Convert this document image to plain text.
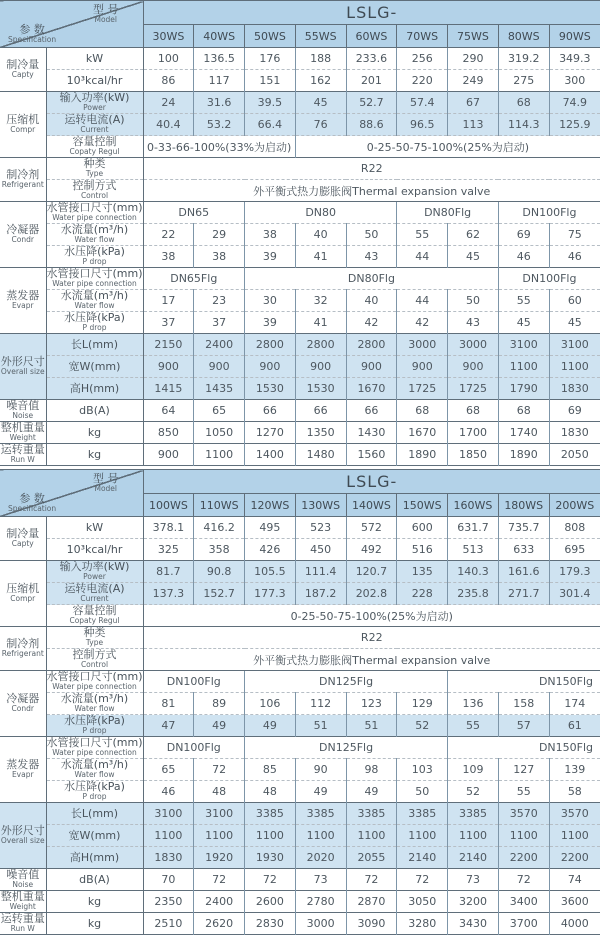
型 号
Model
参 数
Specification		LSLG-								
		30WS	40WS	50WS	55WS	60WS	70WS	75WS	80WS	90WS

制冷量
Capty	kW	100	136.5	176	188	233.6	256	290	319.2	349.3

	10³kcal/hr	86	117	151	162	201	220	249	275	300

压缩机
Compr

输入功率(kW)
Power	24	31.6	39.5	45	52.7	57.4	67	68	74.9

	运转电流(A)
Current	40.4	53.2	66.4	76	88.6	96.5	113	114.3	125.9

	容量控制
Copaty Regul	0-33-66-100%(33%为启动)			0-25-50-75-100%(25%为启动)					

制冷剂
Refrigerant

种类
Type	R22

	控制方式
Control	外平衡式热力膨胀阀Thermal expansion valve								

冷凝器
Condr

水管接口尺寸(mm)
Water pipe connection	DN65	DN80	DN80Flg	DN100Flg

	水流量(m³/h)
Water flow	22	29	38	40	50	55	62	69	75

	水压降(kPa)
P drop	38	38	39	41	43	44	45	46	46

蒸发器
Evapr

水管接口尺寸(mm)
Water pipe connection	DN65Flg	DN80Flg	DN100Flg

	水流量(m³/h)
Water flow	17	23	30	32	40	44	50	55	60

	水压降(kPa)
P drop	37	37	39	41	42	42	43	45	45

外形尺寸
Overall size	长L(mm)	2150	2400	2800	2800	2800	3000	3000	3100	3100

	宽W(mm)	900	900	900	900	900	900	900	1100	1100

	高H(mm)	1415	1435	1530	1530	1670	1725	1725	1790	1830

噪音值
Noise	dB(A)	64	65	66	66	66	68	68	68	69

整机重量
Weight	kg	850	1050	1270	1350	1430	1670	1700	1740	1830

运转重量
Run W	kg	900	1100	1400	1480	1560	1890	1850	1890	2050
型 号
Model
参 数
Specification		LSLG-								
		100WS	110WS	120WS	130WS	140WS	150WS	160WS	180WS	200WS

制冷量
Capty	kW	378.1	416.2	495	523	572	600	631.7	735.7	808

	10³kcal/hr	325	358	426	450	492	516	513	633	695

压缩机
Compr

输入功率(kW)
Power	81.7	90.8	105.5	111.4	120.7	135	140.3	161.6	179.3

	运转电流(A)
Current	137.3	152.7	177.3	187.2	202.8	228	235.8	271.7	301.4

	容量控制
Copaty Regul	0-25-50-75-100%(25%为启动)								

制冷剂
Refrigerant

种类
Type	R22

	控制方式
Control	外平衡式热力膨胀阀Thermal expansion valve								

冷凝器
Condr

水管接口尺寸(mm)
Water pipe connection	DN100Flg	DN125Flg	DN150Flg

	水流量(m³/h)
Water flow	81	89	106	112	123	129	136	158	174

	水压降(kPa)
P drop	47	49	49	51	51	52	55	57	61

蒸发器
Evapr

水管接口尺寸(mm)
Water pipe connection	DN100Flg	DN125Flg	DN150Flg

	水流量(m³/h)
Water flow	65	72	85	90	98	103	109	127	139

	水压降(kPa)
P drop	46	48	48	49	49	50	52	55	58

外形尺寸
Overall size	长L(mm)	3100	3100	3385	3385	3385	3385	3385	3570	3570

	宽W(mm)	1100	1100	1100	1100	1100	1100	1100	1100	1100

	高H(mm)	1830	1920	1930	2020	2055	2140	2140	2200	2200

噪音值
Noise	dB(A)	70	72	72	73	72	72	73	72	74

整机重量
Weight	kg	2350	2400	2600	2780	2870	3050	3200	3400	3600

运转重量
Run W	kg	2510	2620	2830	3000	3090	3280	3430	3700	4000
